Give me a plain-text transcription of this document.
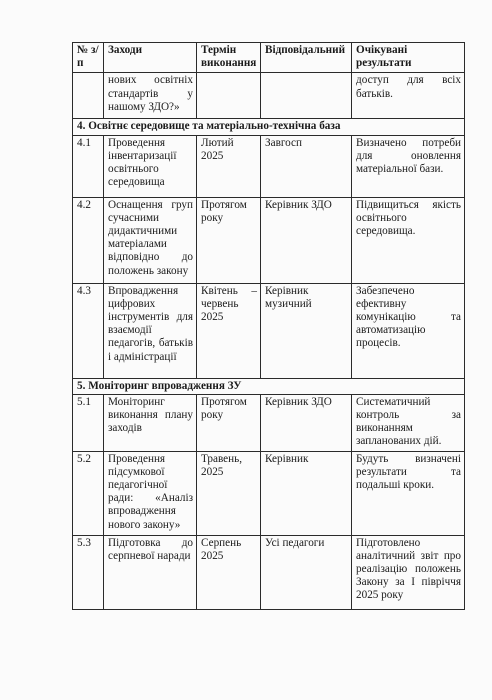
№ з/п	Заходи	Термін виконання	Відповідальний	Очікувані результати
	нових освітніх стандартів у нашому ЗДО?»			доступ для всіх батьків.
4. Освітнє середовище та матеріально-технічна база				
4.1	Проведення інвентаризації освітнього середовища	Лютий 2025	Завгосп	Визначено потреби для оновлення матеріальної бази.
4.2	Оснащення груп сучасними дидактичними матеріалами відповідно до положень закону	Протягом року	Керівник ЗДО	Підвищиться якість освітнього середовища.
4.3	Впровадження цифрових інструментів для взаємодії педагогів, батьків і адміністрації	Квітень – червень 2025	Керівник музичний	Забезпечено ефективну комунікацію та автоматизацію процесів.
5. Моніторинг впровадження ЗУ				
5.1	Моніторинг виконання плану заходів	Протягом року	Керівник ЗДО	Систематичний контроль за виконанням запланованих дій.
5.2	Проведення підсумкової педагогічної ради: «Аналіз впровадження нового закону»	Травень, 2025	Керівник	Будуть визначені результати та подальші кроки.
5.3	Підготовка до серпневої наради	Серпень 2025	Усі педагоги	Підготовлено аналітичний звіт про реалізацію положень Закону за І півріччя 2025 року
